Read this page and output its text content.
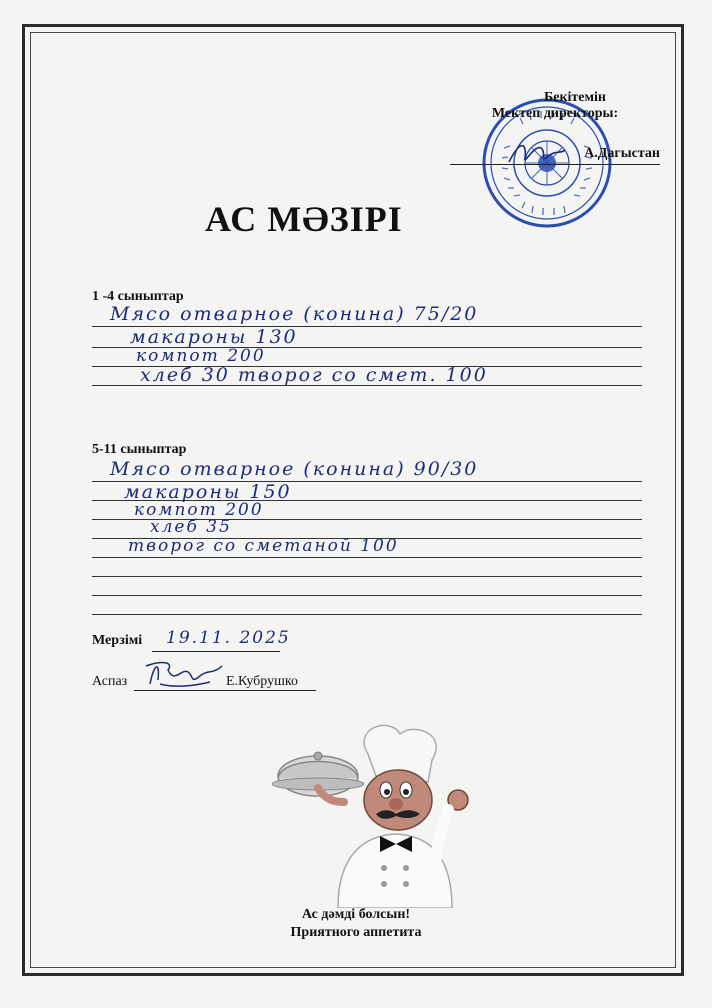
Бекітемін
Мектеп директоры:
А.Дагыстан
АС МӘЗІРІ
1 -4 сыныптар
Мясо отварное (конина) 75/20
макароны 130
компот 200
хлеб 30 творог со смет. 100
5-11 сыныптар
Мясо отварное (конина) 90/30
макароны 150
компот 200
хлеб 35
творог со сметаной 100
Мерзімі 19.11. 2025
Аспаз	Е.Кубрушко
Ас дәмді болсын!
Приятного аппетита
